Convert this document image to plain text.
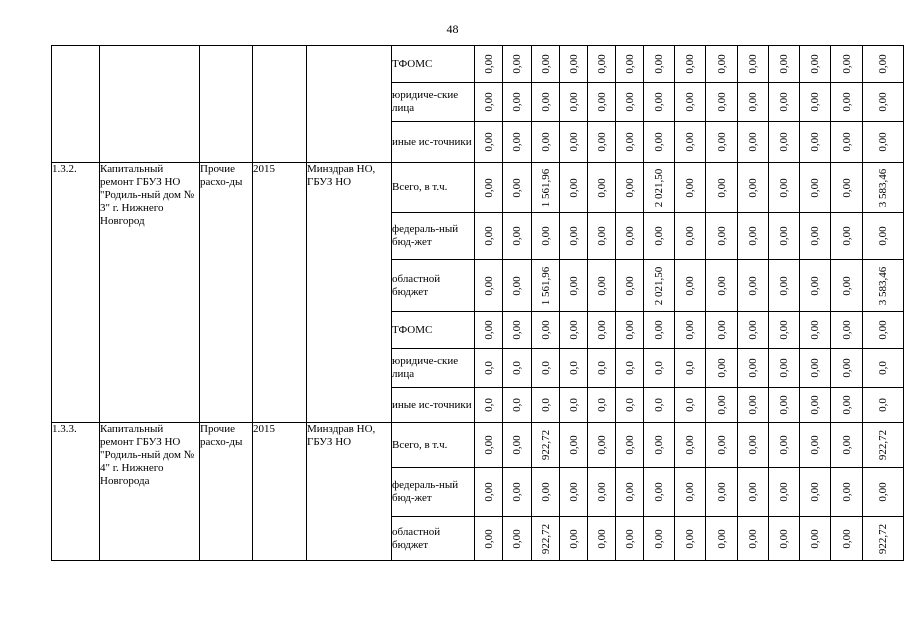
48
					ТФОМС	0,00	0,00	0,00	0,00	0,00	0,00	0,00	0,00	0,00	0,00	0,00	0,00	0,00	0,00

					юридиче-ские лица	0,00	0,00	0,00	0,00	0,00	0,00	0,00	0,00	0,00	0,00	0,00	0,00	0,00	0,00

					иные ис-точники	0,00	0,00	0,00	0,00	0,00	0,00	0,00	0,00	0,00	0,00	0,00	0,00	0,00	0,00

1.3.2.	Капитальный ремонт ГБУЗ НО "Родиль-ный дом № 3" г. Нижнего Новгород	Прочие расхо-ды	2015	Минздрав НО, ГБУЗ НО	Всего, в т.ч.	0,00	0,00	1 561,96	0,00	0,00	0,00	2 021,50	0,00	0,00	0,00	0,00	0,00	0,00	3 583,46

					федераль-ный бюд-жет	0,00	0,00	0,00	0,00	0,00	0,00	0,00	0,00	0,00	0,00	0,00	0,00	0,00	0,00

					областной бюджет	0,00	0,00	1 561,96	0,00	0,00	0,00	2 021,50	0,00	0,00	0,00	0,00	0,00	0,00	3 583,46

					ТФОМС	0,00	0,00	0,00	0,00	0,00	0,00	0,00	0,00	0,00	0,00	0,00	0,00	0,00	0,00

					юридиче-ские лица	0,0	0,0	0,0	0,0	0,0	0,0	0,0	0,0	0,00	0,00	0,00	0,00	0,00	0,0

					иные ис-точники	0,0	0,0	0,0	0,0	0,0	0,0	0,0	0,0	0,00	0,00	0,00	0,00	0,00	0,0

1.3.3.	Капитальный ремонт ГБУЗ НО "Родиль-ный дом № 4" г. Нижнего Новгорода	Прочие расхо-ды	2015	Минздрав НО, ГБУЗ НО	Всего, в т.ч.	0,00	0,00	922,72	0,00	0,00	0,00	0,00	0,00	0,00	0,00	0,00	0,00	0,00	922,72

					федераль-ный бюд-жет	0,00	0,00	0,00	0,00	0,00	0,00	0,00	0,00	0,00	0,00	0,00	0,00	0,00	0,00

					областной бюджет	0,00	0,00	922,72	0,00	0,00	0,00	0,00	0,00	0,00	0,00	0,00	0,00	0,00	922,72
